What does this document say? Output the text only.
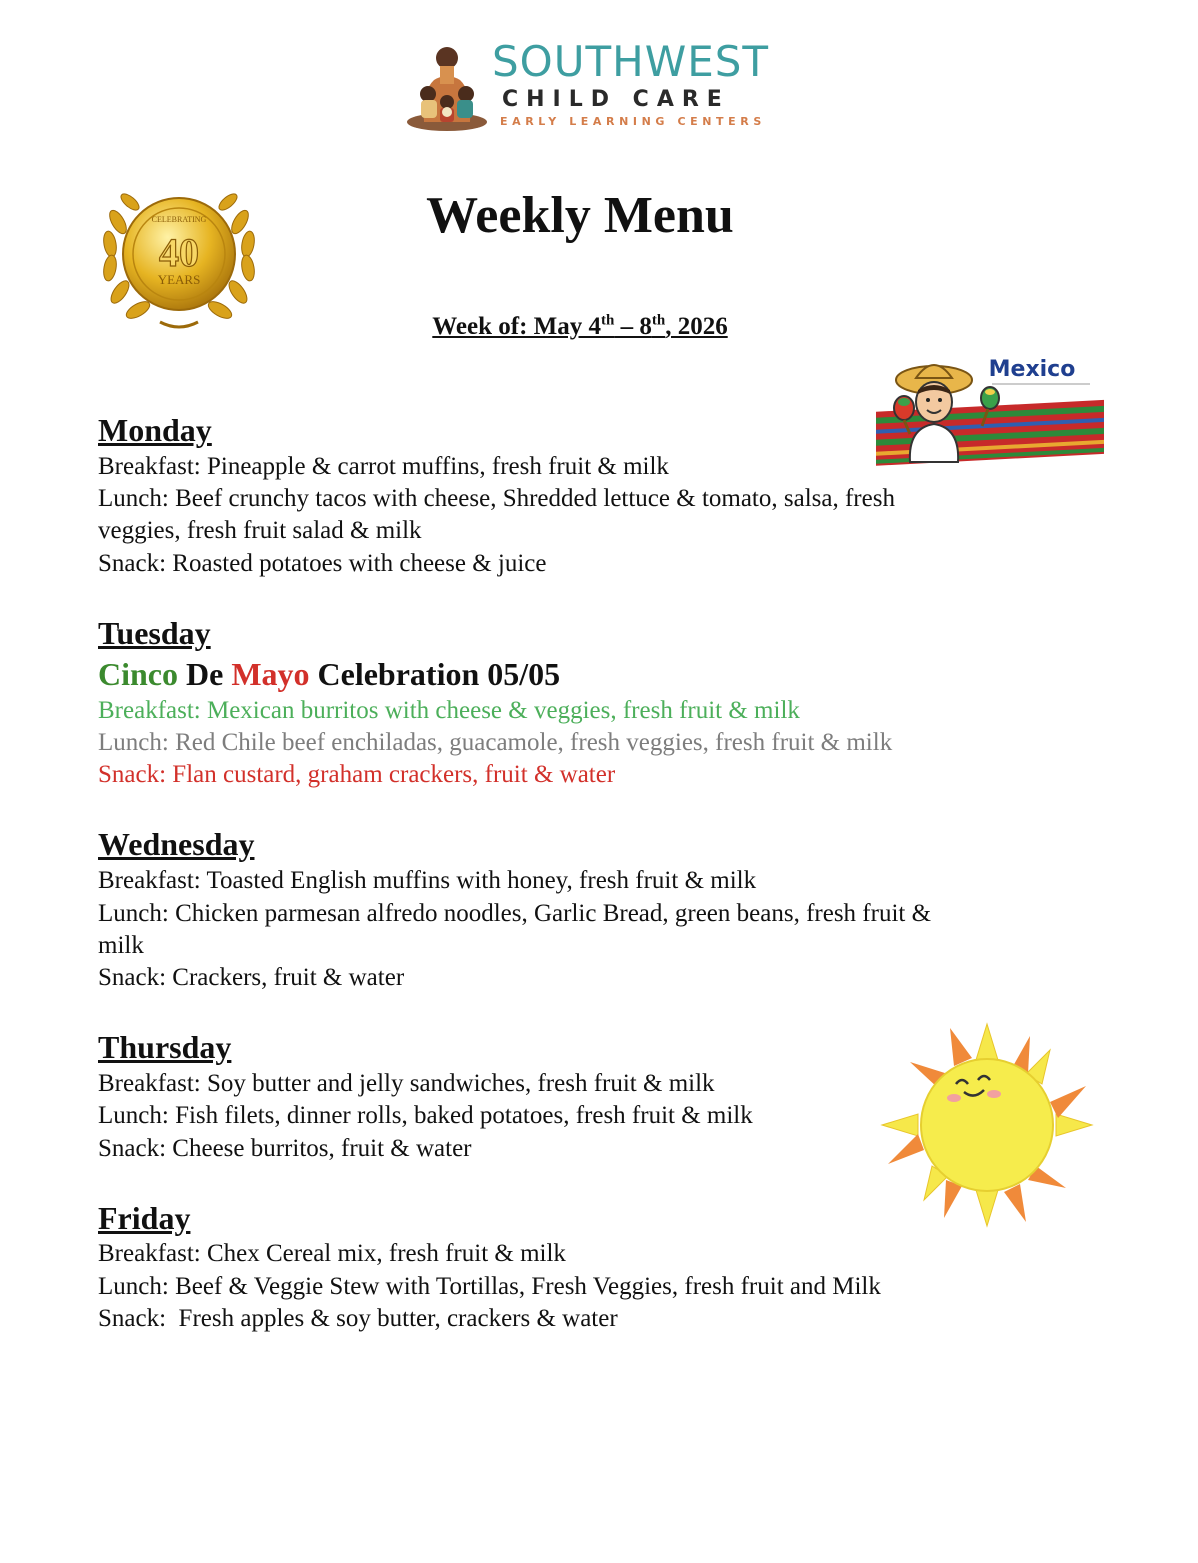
SOUTHWEST
CHILD CARE
EARLY LEARNING CENTERS
CELEBRATING
40
YEARS
Weekly Menu
Week of: May 4th – 8th, 2026
Mexico
Monday

Breakfast: Pineapple & carrot muffins, fresh fruit & milk

Lunch: Beef crunchy tacos with cheese, Shredded lettuce & tomato, salsa, fresh

veggies, fresh fruit salad & milk

Snack: Roasted potatoes with cheese & juice

Tuesday
Cinco De Mayo Celebration 05/05

Breakfast: Mexican burritos with cheese & veggies, fresh fruit & milk

Lunch: Red Chile beef enchiladas, guacamole, fresh veggies, fresh fruit & milk

Snack: Flan custard, graham crackers, fruit & water

Wednesday

Breakfast: Toasted English muffins with honey, fresh fruit & milk

Lunch: Chicken parmesan alfredo noodles, Garlic Bread, green beans, fresh fruit &

milk

Snack: Crackers, fruit & water

Thursday

Breakfast: Soy butter and jelly sandwiches, fresh fruit & milk

Lunch: Fish filets, dinner rolls, baked potatoes, fresh fruit & milk

Snack: Cheese burritos, fruit & water

Friday

Breakfast: Chex Cereal mix, fresh fruit & milk

Lunch: Beef & Veggie Stew with Tortillas, Fresh Veggies, fresh fruit and Milk

Snack:  Fresh apples & soy butter, crackers & water
